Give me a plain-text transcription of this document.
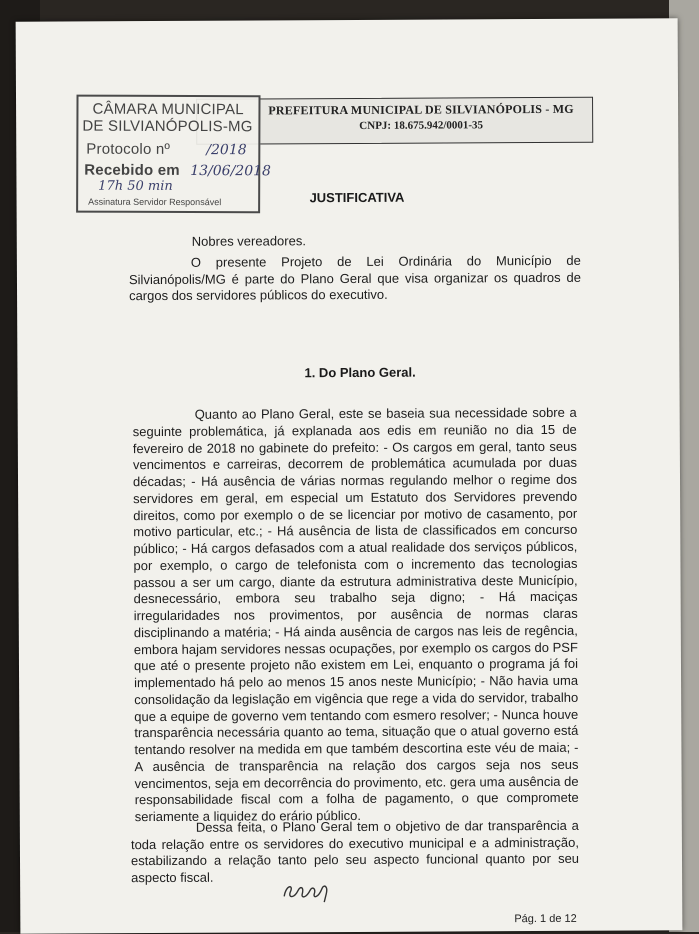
PREFEITURA MUNICIPAL DE SILVIANÓPOLIS - MG
CNPJ: 18.675.942/0001-35
CÂMARA MUNICIPAL
DE SILVIANÓPOLIS-MG
Protocolo nº
Recebido em
Assinatura Servidor Responsável
/2018
13/06/2018
17h 50 min
JUSTIFICATIVA
Nobres vereadores.
O presente Projeto de Lei Ordinária do Município de Silvianópolis/MG é parte do Plano Geral que visa organizar os quadros de cargos dos servidores públicos do executivo.
1. Do Plano Geral.
Quanto ao Plano Geral, este se baseia sua necessidade sobre a seguinte problemática, já explanada aos edis em reunião no dia 15 de fevereiro de 2018 no gabinete do prefeito: - Os cargos em geral, tanto seus vencimentos e carreiras, decorrem de problemática acumulada por duas décadas; - Há ausência de várias normas regulando melhor o regime dos servidores em geral, em especial um Estatuto dos Servidores prevendo direitos, como por exemplo o de se licenciar por motivo de casamento, por motivo particular, etc.; - Há ausência de lista de classificados em concurso público; - Há cargos defasados com a atual realidade dos serviços públicos, por exemplo, o cargo de telefonista com o incremento das tecnologias passou a ser um cargo, diante da estrutura administrativa deste Município, desnecessário, embora seu trabalho seja digno; - Há maciças irregularidades nos provimentos, por ausência de normas claras disciplinando a matéria; - Há ainda ausência de cargos nas leis de regência, embora hajam servidores nessas ocupações, por exemplo os cargos do PSF que até o presente projeto não existem em Lei, enquanto o programa já foi implementado há pelo ao menos 15 anos neste Município; - Não havia uma consolidação da legislação em vigência que rege a vida do servidor, trabalho que a equipe de governo vem tentando com esmero resolver; - Nunca houve transparência necessária quanto ao tema, situação que o atual governo está tentando resolver na medida em que também descortina este véu de maia; - A ausência de transparência na relação dos cargos seja nos seus vencimentos, seja em decorrência do provimento, etc. gera uma ausência de responsabilidade fiscal com a folha de pagamento, o que compromete seriamente a liquidez do erário público.
Dessa feita, o Plano Geral tem o objetivo de dar transparência a toda relação entre os servidores do executivo municipal e a administração, estabilizando a relação tanto pelo seu aspecto funcional quanto por seu aspecto fiscal.
Pág. 1 de 12
